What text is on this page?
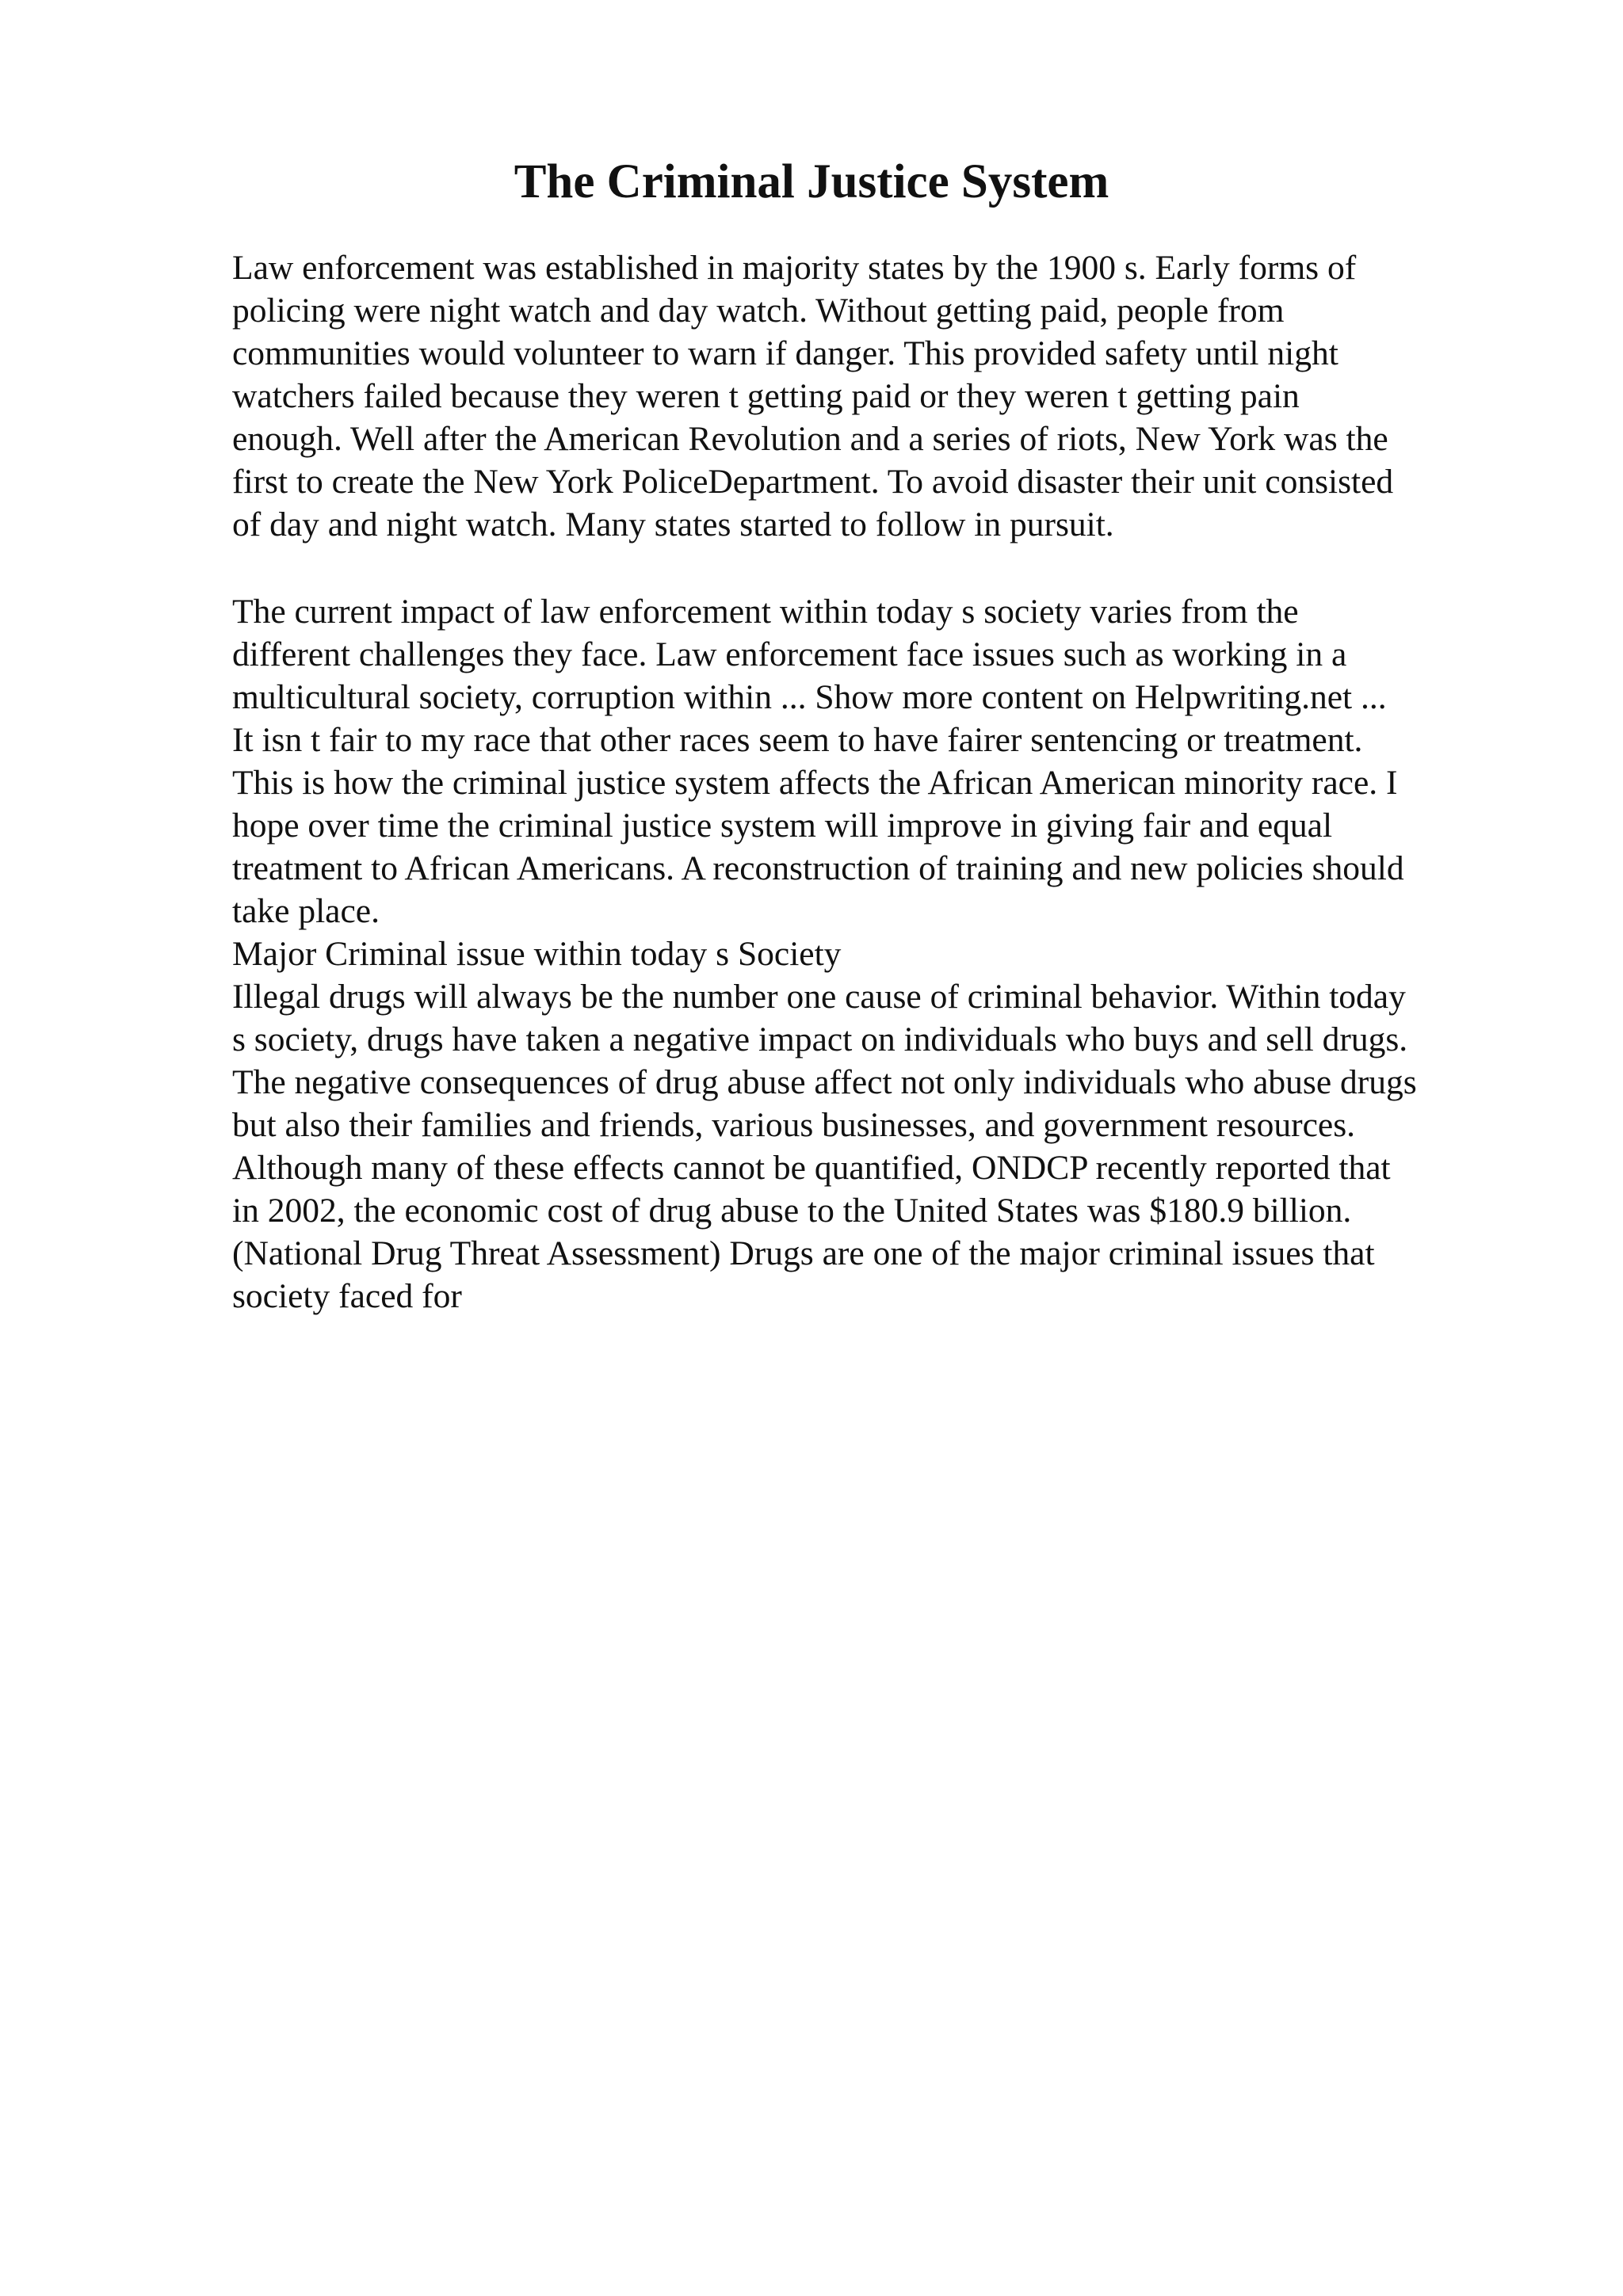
The Criminal Justice System
Law enforcement was established in majority states by the 1900 s. Early forms of
policing were night watch and day watch. Without getting paid, people from
communities would volunteer to warn if danger. This provided safety until night
watchers failed because they weren t getting paid or they weren t getting pain
enough. Well after the American Revolution and a series of riots, New York was the
first to create the New York PoliceDepartment. To avoid disaster their unit consisted
of day and night watch. Many states started to follow in pursuit.
The current impact of law enforcement within today s society varies from the
different challenges they face. Law enforcement face issues such as working in a
multicultural society, corruption within ... Show more content on Helpwriting.net ...
It isn t fair to my race that other races seem to have fairer sentencing or treatment.
This is how the criminal justice system affects the African American minority race. I
hope over time the criminal justice system will improve in giving fair and equal
treatment to African Americans. A reconstruction of training and new policies should
take place.
Major Criminal issue within today s Society
Illegal drugs will always be the number one cause of criminal behavior. Within today
s society, drugs have taken a negative impact on individuals who buys and sell drugs.
The negative consequences of drug abuse affect not only individuals who abuse drugs
but also their families and friends, various businesses, and government resources.
Although many of these effects cannot be quantified, ONDCP recently reported that
in 2002, the economic cost of drug abuse to the United States was $180.9 billion.
(National Drug Threat Assessment) Drugs are one of the major criminal issues that
society faced for
